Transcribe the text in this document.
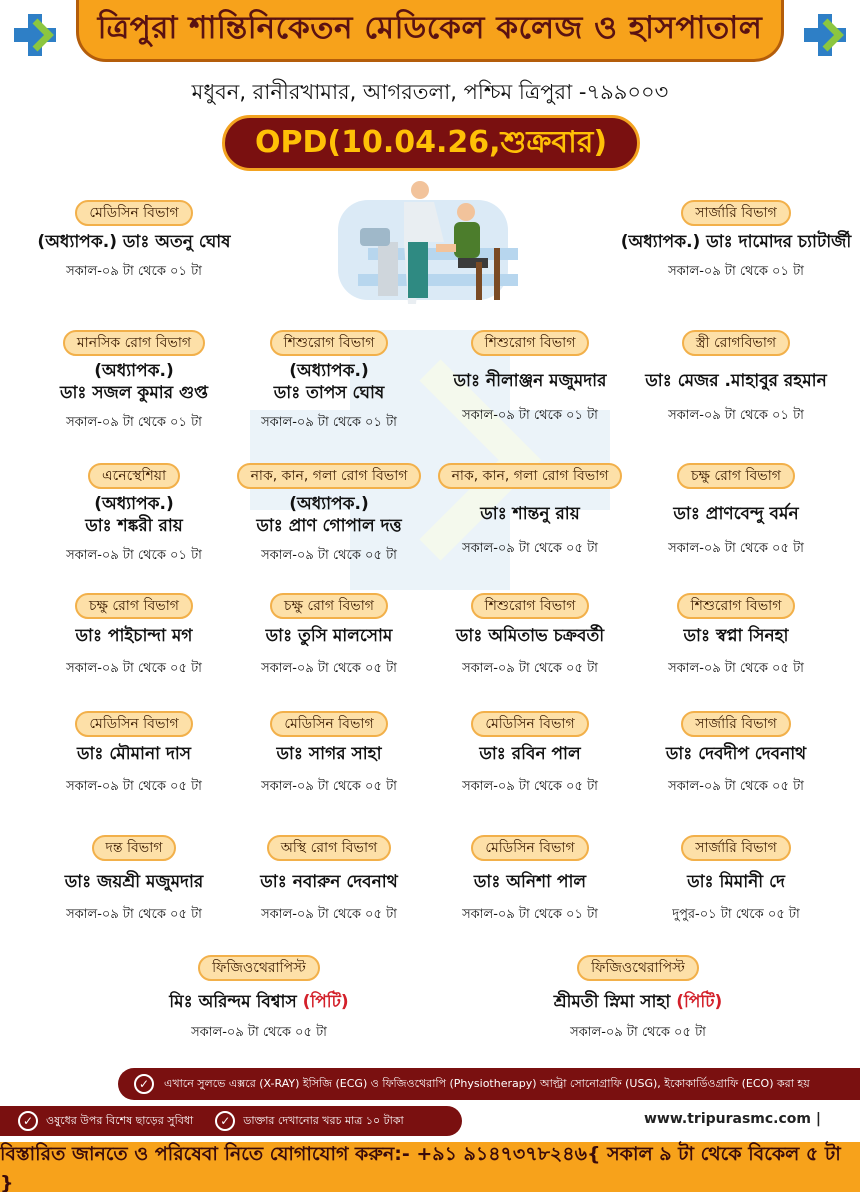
ত্রিপুরা শান্তিনিকেতন মেডিকেল কলেজ ও হাসপাতাল
মধুবন, রানীরখামার, আগরতলা, পশ্চিম ত্রিপুরা -৭৯৯০০৩
OPD(10.04.26,শুক্রবার)
মেডিসিন বিভাগ
(অধ্যাপক.) ডাঃ অতনু ঘোষ
সকাল-০৯ টা থেকে ০১ টা
সার্জারি বিভাগ
(অধ্যাপক.) ডাঃ দামোদর চ্যাটার্জী
সকাল-০৯ টা থেকে ০১ টা
মানসিক রোগ বিভাগ
(অধ্যাপক.)
ডাঃ সজল কুমার গুপ্ত
সকাল-০৯ টা থেকে ০১ টা
শিশুরোগ বিভাগ
(অধ্যাপক.)
ডাঃ তাপস ঘোষ
সকাল-০৯ টা থেকে ০১ টা
শিশুরোগ বিভাগ
ডাঃ নীলাঞ্জন মজুমদার
সকাল-০৯ টা থেকে ০১ টা
স্ত্রী রোগবিভাগ
ডাঃ মেজর .মাহাবুর রহমান
সকাল-০৯ টা থেকে ০১ টা
এনেস্থেশিয়া
(অধ্যাপক.)
ডাঃ শঙ্করী রায়
সকাল-০৯ টা থেকে ০১ টা
নাক, কান, গলা রোগ বিভাগ
(অধ্যাপক.)
ডাঃ প্রাণ গোপাল দত্ত
সকাল-০৯ টা থেকে ০৫ টা
নাক, কান, গলা রোগ বিভাগ
ডাঃ শান্তনু রায়
সকাল-০৯ টা থেকে ০৫ টা
চক্ষু রোগ বিভাগ
ডাঃ প্রাণবেন্দু বর্মন
সকাল-০৯ টা থেকে ০৫ টা
চক্ষু রোগ বিভাগ
ডাঃ পাইচান্দা মগ
সকাল-০৯ টা থেকে ০৫ টা
চক্ষু রোগ বিভাগ
ডাঃ তুসি মালসোম
সকাল-০৯ টা থেকে ০৫ টা
শিশুরোগ বিভাগ
ডাঃ অমিতাভ চক্রবর্তী
সকাল-০৯ টা থেকে ০৫ টা
শিশুরোগ বিভাগ
ডাঃ স্বপ্না সিনহা
সকাল-০৯ টা থেকে ০৫ টা
মেডিসিন বিভাগ
ডাঃ মৌমানা দাস
সকাল-০৯ টা থেকে ০৫ টা
মেডিসিন বিভাগ
ডাঃ সাগর সাহা
সকাল-০৯ টা থেকে ০৫ টা
মেডিসিন বিভাগ
ডাঃ রবিন পাল
সকাল-০৯ টা থেকে ০৫ টা
সার্জারি বিভাগ
ডাঃ দেবদীপ দেবনাথ
সকাল-০৯ টা থেকে ০৫ টা
দন্ত বিভাগ
ডাঃ জয়শ্রী মজুমদার
সকাল-০৯ টা থেকে ০৫ টা
অস্থি রোগ বিভাগ
ডাঃ নবারুন দেবনাথ
সকাল-০৯ টা থেকে ০৫ টা
মেডিসিন বিভাগ
ডাঃ অনিশা পাল
সকাল-০৯ টা থেকে ০১ টা
সার্জারি বিভাগ
ডাঃ মিমানী দে
দুপুর-০১ টা থেকে ০৫ টা
ফিজিওথেরাপিস্ট
মিঃ অরিন্দম বিশ্বাস (পিটি)
সকাল-০৯ টা থেকে ০৫ টা
ফিজিওথেরাপিস্ট
শ্রীমতী স্নিমা সাহা (পিটি)
সকাল-০৯ টা থেকে ০৫ টা
✓	এখানে সুলভে এক্সরে (X-RAY) ইসিজি (ECG) ও ফিজিওথেরাপি (Physiotherapy) আল্ট্রা সোনোগ্রাফি (USG), ইকোকার্ডিওগ্রাফি (ECO) করা হয়
✓	ওষুধের উপর বিশেষ ছাড়ের সুবিধা	✓	ডাক্তার দেখানোর খরচ মাত্র ১০ টাকা	www.tripurasmc.com |
বিস্তারিত জানতে ও পরিষেবা নিতে যোগাযোগ করুন:- +৯১ ৯১৪৭৩৭৮২৪৬{ সকাল ৯ টা থেকে বিকেল ৫ টা }
